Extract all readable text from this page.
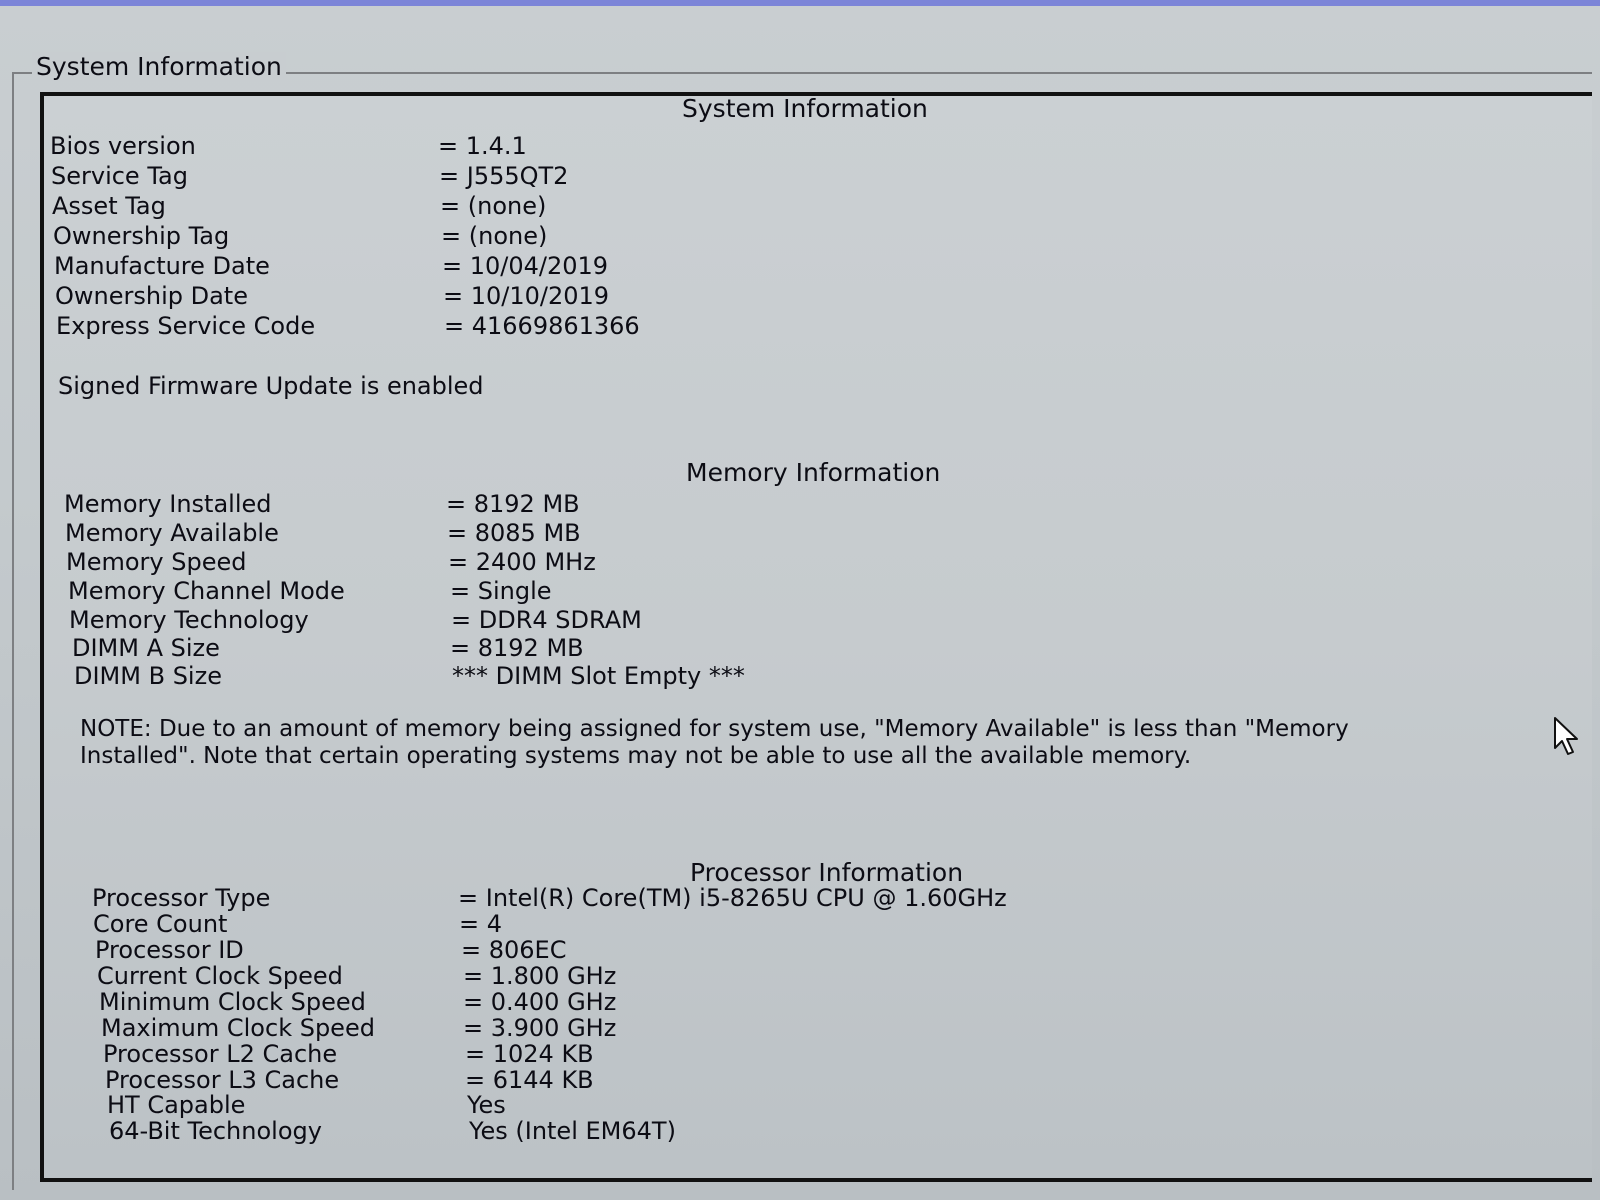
System Information
System Information
Bios version	= 1.4.1
Service Tag	= J555QT2
Asset Tag	= (none)
Ownership Tag	= (none)
Manufacture Date	= 10/04/2019
Ownership Date	= 10/10/2019
Express Service Code	= 41669861366
Signed Firmware Update is enabled
Memory Information
Memory Installed	= 8192 MB
Memory Available	= 8085 MB
Memory Speed	= 2400 MHz
Memory Channel Mode	= Single
Memory Technology	= DDR4 SDRAM
DIMM A Size	= 8192 MB
DIMM B Size	*** DIMM Slot Empty ***
NOTE: Due to an amount of memory being assigned for system use, "Memory Available" is less than "Memory Installed". Note that certain operating systems may not be able to use all the available memory.
Processor Information
Processor Type	= Intel(R) Core(TM) i5-8265U CPU @ 1.60GHz
Core Count	= 4
Processor ID	= 806EC
Current Clock Speed	= 1.800 GHz
Minimum Clock Speed	= 0.400 GHz
Maximum Clock Speed	= 3.900 GHz
Processor L2 Cache	= 1024 KB
Processor L3 Cache	= 6144 KB
HT Capable	Yes
64-Bit Technology	Yes (Intel EM64T)
